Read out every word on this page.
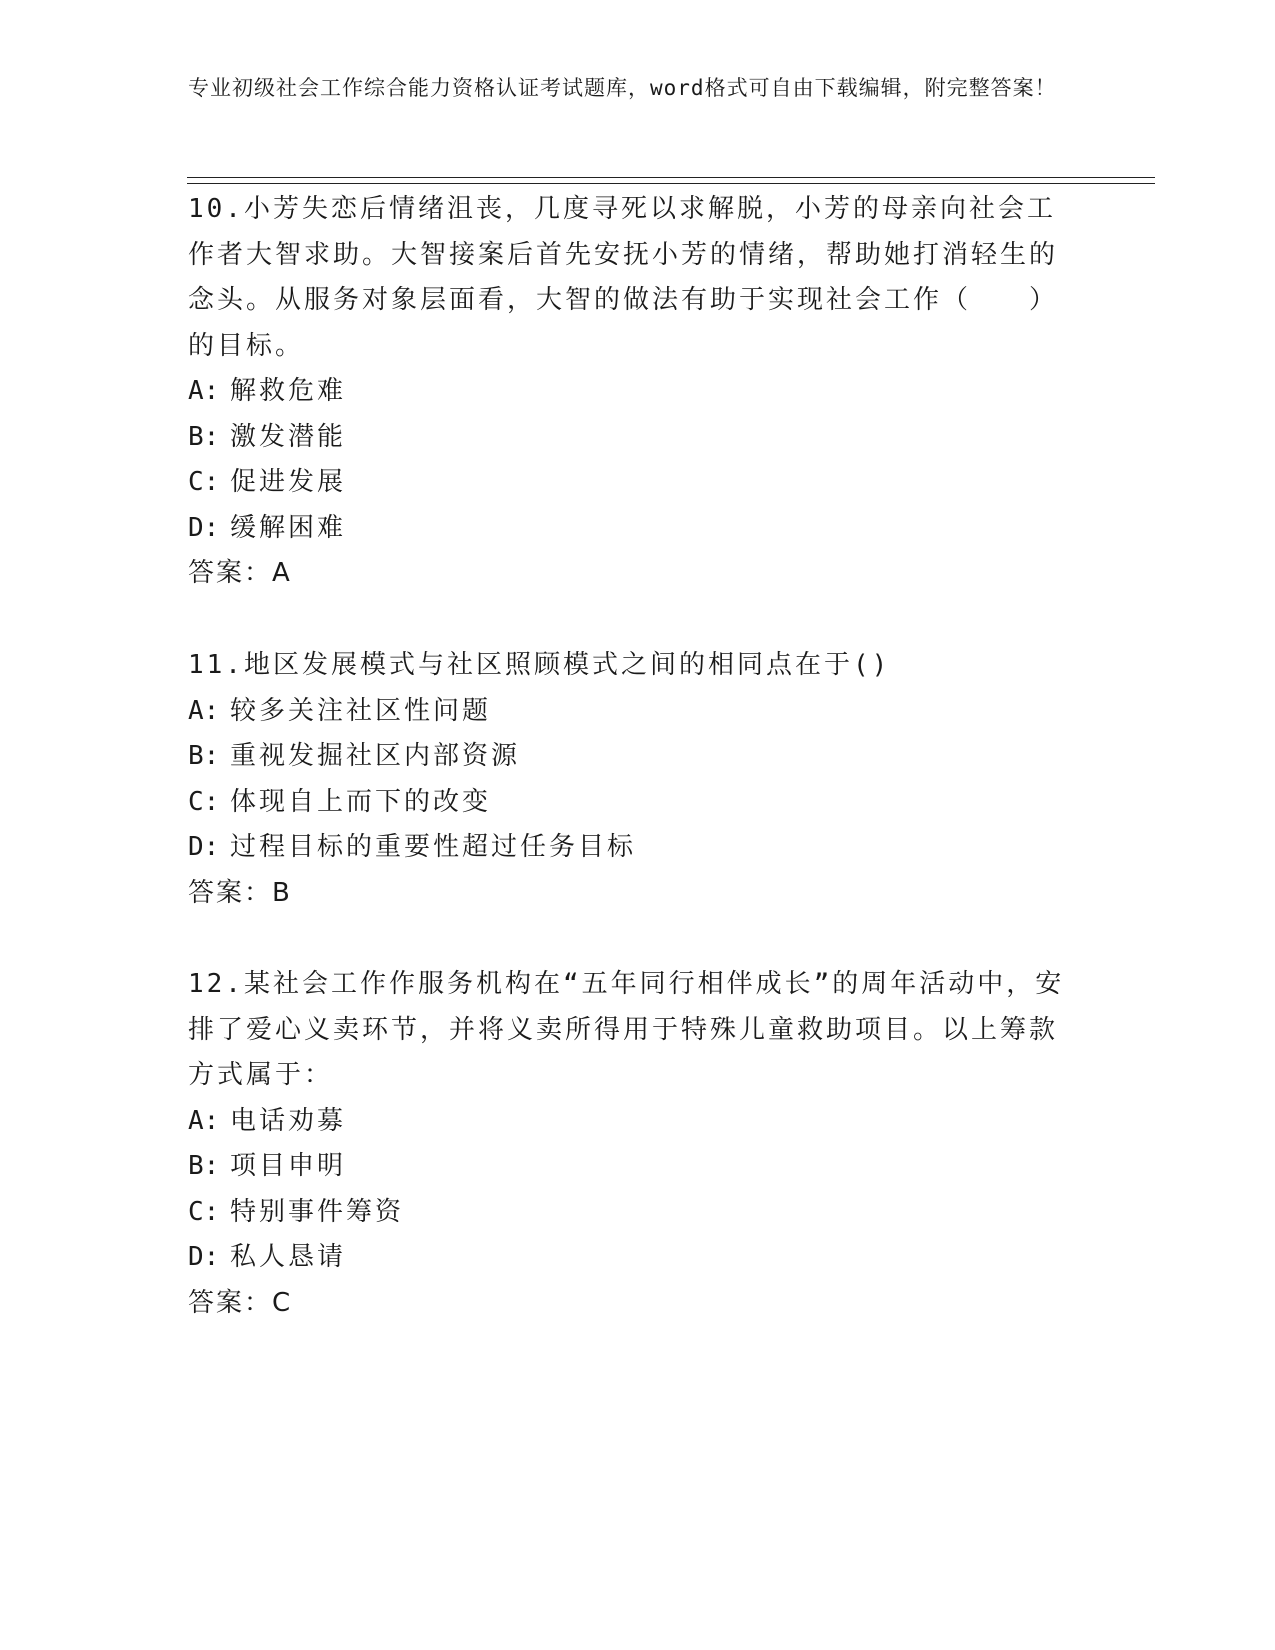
专业初级社会工作综合能力资格认证考试题库，word格式可自由下载编辑，附完整答案！

10.小芳失恋后情绪沮丧，几度寻死以求解脱，小芳的母亲向社会工作者大智求助。大智接案后首先安抚小芳的情绪，帮助她打消轻生的念头。从服务对象层面看，大智的做法有助于实现社会工作（　　）的目标。

A: 解救危难

B: 激发潜能

C: 促进发展

D: 缓解困难

答案：A

11.地区发展模式与社区照顾模式之间的相同点在于()

A: 较多关注社区性问题

B: 重视发掘社区内部资源

C: 体现自上而下的改变

D: 过程目标的重要性超过任务目标

答案：B

12.某社会工作作服务机构在“五年同行相伴成长”的周年活动中，安排了爱心义卖环节，并将义卖所得用于特殊儿童救助项目。以上筹款方式属于：

A: 电话劝募

B: 项目申明

C: 特别事件筹资

D: 私人恳请

答案：C
